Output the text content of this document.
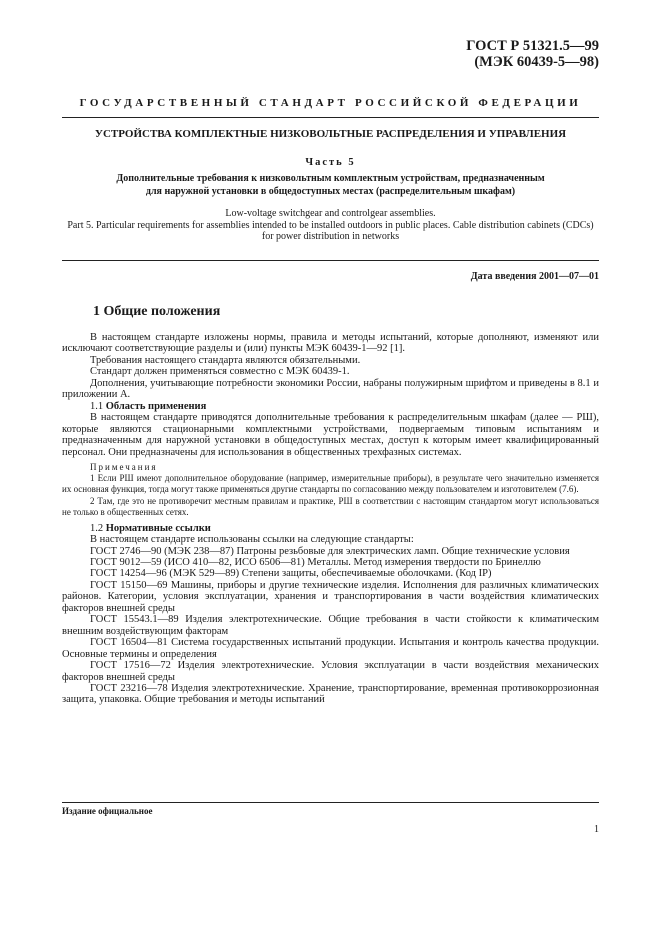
ГОСТ Р 51321.5—99
(МЭК 60439-5—98)
ГОСУДАРСТВЕННЫЙ СТАНДАРТ РОССИЙСКОЙ ФЕДЕРАЦИИ
УСТРОЙСТВА КОМПЛЕКТНЫЕ НИЗКОВОЛЬТНЫЕ РАСПРЕДЕЛЕНИЯ И УПРАВЛЕНИЯ
Часть 5
Дополнительные требования к низковольтным комплектным устройствам, предназначенным
для наружной установки в общедоступных местах (распределительным шкафам)
Low-voltage switchgear and controlgear assemblies.
Part 5. Particular requirements for assemblies intended to be installed outdoors in public places. Cable distribution cabinets (CDCs) for power distribution in networks
Дата введения 2001—07—01
1 Общие положения

В настоящем стандарте изложены нормы, правила и методы испытаний, которые дополняют, изменяют или исключают соответствующие разделы и (или) пункты МЭК 60439-1—92 [1].

Требования настоящего стандарта являются обязательными.

Стандарт должен применяться совместно с МЭК 60439-1.

Дополнения, учитывающие потребности экономики России, набраны полужирным шрифтом и приведены в 8.1 и приложении А.

1.1 Область применения

В настоящем стандарте приводятся дополнительные требования к распределительным шкафам (далее — РШ), которые являются стационарными комплектными устройствами, подвергаемым типовым испытаниям и предназначенным для наружной установки в общедоступных местах, доступ к которым имеет квалифицированный персонал. Они предназначены для использования в общественных трехфазных системах.

Примечания

1 Если РШ имеют дополнительное оборудование (например, измерительные приборы), в результате чего значительно изменяется их основная функция, тогда могут также применяться другие стандарты по согласованию между пользователем и изготовителем (7.6).

2 Там, где это не противоречит местным правилам и практике, РШ в соответствии с настоящим стандартом могут использоваться не только в общественных сетях.

1.2 Нормативные ссылки

В настоящем стандарте использованы ссылки на следующие стандарты:

ГОСТ 2746—90 (МЭК 238—87) Патроны резьбовые для электрических ламп. Общие технические условия

ГОСТ 9012—59 (ИСО 410—82, ИСО 6506—81) Металлы. Метод измерения твердости по Бринеллю

ГОСТ 14254—96 (МЭК 529—89) Степени защиты, обеспечиваемые оболочками. (Код IP)

ГОСТ 15150—69 Машины, приборы и другие технические изделия. Исполнения для различных климатических районов. Категории, условия эксплуатации, хранения и транспортирования в части воздействия климатических факторов внешней среды

ГОСТ 15543.1—89 Изделия электротехнические. Общие требования в части стойкости к климатическим внешним воздействующим факторам

ГОСТ 16504—81 Система государственных испытаний продукции. Испытания и контроль качества продукции. Основные термины и определения

ГОСТ 17516—72 Изделия электротехнические. Условия эксплуатации в части воздействия механических факторов внешней среды

ГОСТ 23216—78 Изделия электротехнические. Хранение, транспортирование, временная противокоррозионная защита, упаковка. Общие требования и методы испытаний

Издание официальное
1
